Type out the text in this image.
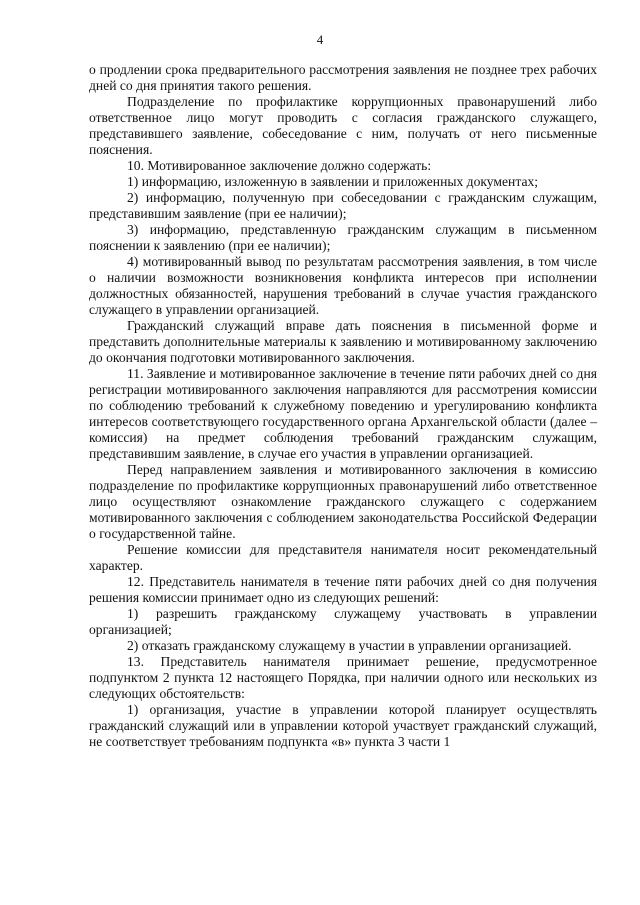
4

о продлении срока предварительного рассмотрения заявления не позднее трех рабочих дней со дня принятия такого решения.

Подразделение по профилактике коррупционных правонарушений либо ответственное лицо могут проводить с согласия гражданского служащего, представившего заявление, собеседование с ним, получать от него письменные пояснения.

10. Мотивированное заключение должно содержать:

1) информацию, изложенную в заявлении и приложенных документах;

2) информацию, полученную при собеседовании с гражданским служащим, представившим заявление (при ее наличии);

3) информацию, представленную гражданским служащим в письменном пояснении к заявлению (при ее наличии);

4) мотивированный вывод по результатам рассмотрения заявления, в том числе о наличии возможности возникновения конфликта интересов при исполнении должностных обязанностей, нарушения требований в случае участия гражданского служащего в управлении организацией.

Гражданский служащий вправе дать пояснения в письменной форме и представить дополнительные материалы к заявлению и мотивированному заключению до окончания подготовки мотивированного заключения.

11. Заявление и мотивированное заключение в течение пяти рабочих дней со дня регистрации мотивированного заключения направляются для рассмотрения комиссии по соблюдению требований к служебному поведению и урегулированию конфликта интересов соответствующего государственного органа Архангельской области (далее – комиссия) на предмет соблюдения требований гражданским служащим, представившим заявление, в случае его участия в управлении организацией.

Перед направлением заявления и мотивированного заключения в комиссию подразделение по профилактике коррупционных правонарушений либо ответственное лицо осуществляют ознакомление гражданского служащего с содержанием мотивированного заключения с соблюдением законодательства Российской Федерации о государственной тайне.

Решение комиссии для представителя нанимателя носит рекомендательный характер.

12. Представитель нанимателя в течение пяти рабочих дней со дня получения решения комиссии принимает одно из следующих решений:

1) разрешить гражданскому служащему участвовать в управлении организацией;

2) отказать гражданскому служащему в участии в управлении организацией.

13. Представитель нанимателя принимает решение, предусмотренное подпунктом 2 пункта 12 настоящего Порядка, при наличии одного или нескольких из следующих обстоятельств:

1) организация, участие в управлении которой планирует осуществлять гражданский служащий или в управлении которой участвует гражданский служащий, не соответствует требованиям подпункта «в» пункта 3 части 1
